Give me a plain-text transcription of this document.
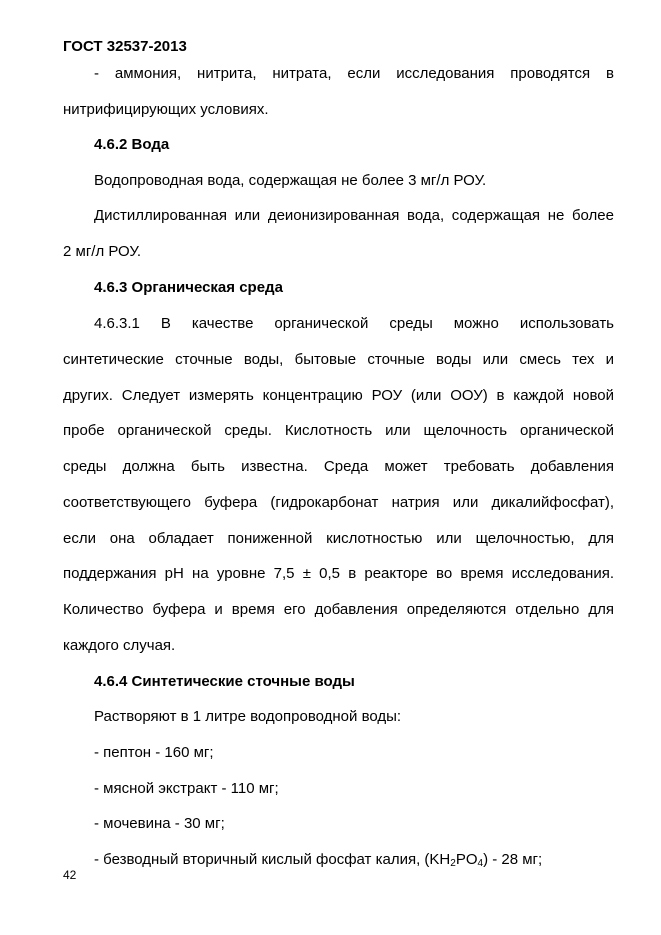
ГОСТ 32537-2013
- аммония, нитрита, нитрата, если исследования проводятся в
нитрифицирующих условиях.
4.6.2 Вода
Водопроводная вода, содержащая не более 3 мг/л РОУ.
Дистиллированная или деионизированная вода, содержащая не более
2 мг/л РОУ.
4.6.3 Органическая среда
4.6.3.1 В качестве органической среды можно использовать
синтетические сточные воды, бытовые сточные воды или смесь тех и
других. Следует измерять концентрацию РОУ (или ООУ) в каждой новой
пробе органической среды. Кислотность или щелочность органической
среды должна быть известна. Среда может требовать добавления
соответствующего буфера (гидрокарбонат натрия или дикалийфосфат),
если она обладает пониженной кислотностью или щелочностью, для
поддержания pH на уровне 7,5 ± 0,5 в реакторе во время исследования.
Количество буфера и время его добавления определяются отдельно для
каждого случая.
4.6.4 Синтетические сточные воды
Растворяют в 1 литре водопроводной воды:
- пептон - 160 мг;
- мясной экстракт - 110 мг;
- мочевина - 30 мг;
- безводный вторичный кислый фосфат калия, $(KH_2PO_4) - 28$ мг;
42
